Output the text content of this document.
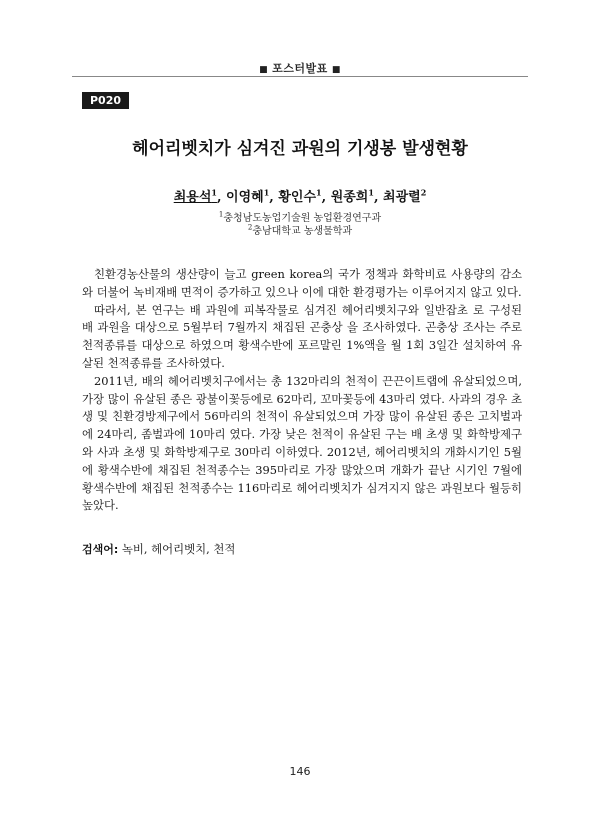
■ 포스터발표 ■
P020
헤어리벳치가 심겨진 과원의 기생봉 발생현황
최용석$^1$, 이영혜$^1$, 황인수$^1$, 원종희$^1$, 최광렬$^2$
$^1$충청남도농업기술원 농업환경연구과
$^2$충남대학교 농생물학과

친환경농산물의 생산량이 늘고 green korea의 국가 정책과 화학비료 사용량의 감소와 더불어 녹비재배 면적이 증가하고 있으나 이에 대한 환경평가는 이루어지지 않고 있다.

따라서, 본 연구는 배 과원에 피복작물로 심겨진 헤어리벳치구와 일반잡초 로 구성된 배 과원을 대상으로 5월부터 7월까지 채집된 곤충상 을 조사하였다. 곤충상 조사는 주로 천적종류를 대상으로 하였으며 황색수반에 포르말린 1%액을 월 1회 3일간 설치하여 유살된 천적종류를 조사하였다.

2011년, 배의 헤어리벳치구에서는 총 132마리의 천적이 끈끈이트랩에 유살되었으며, 가장 많이 유살된 종은 광불이꽃등에로 62마리, 꼬마꽃등에 43마리 였다. 사과의 경우 초생 및 친환경방제구에서 56마리의 천적이 유살되었으며 가장 많이 유살된 종은 고치벌과에 24마리, 좀벌과에 10마리 였다. 가장 낮은 천적이 유살된 구는 배 초생 및 화학방제구와 사과 초생 및 화학방제구로 30마리 이하였다. 2012년, 헤어리벳치의 개화시기인 5월에 황색수반에 채집된 천적종수는 395마리로 가장 많았으며 개화가 끝난 시기인 7월에 황색수반에 채집된 천적종수는 116마리로 헤어리벳치가 심겨지지 않은 과원보다 월등히 높았다.

검색어: 녹비, 헤어리벳치, 천적
146
